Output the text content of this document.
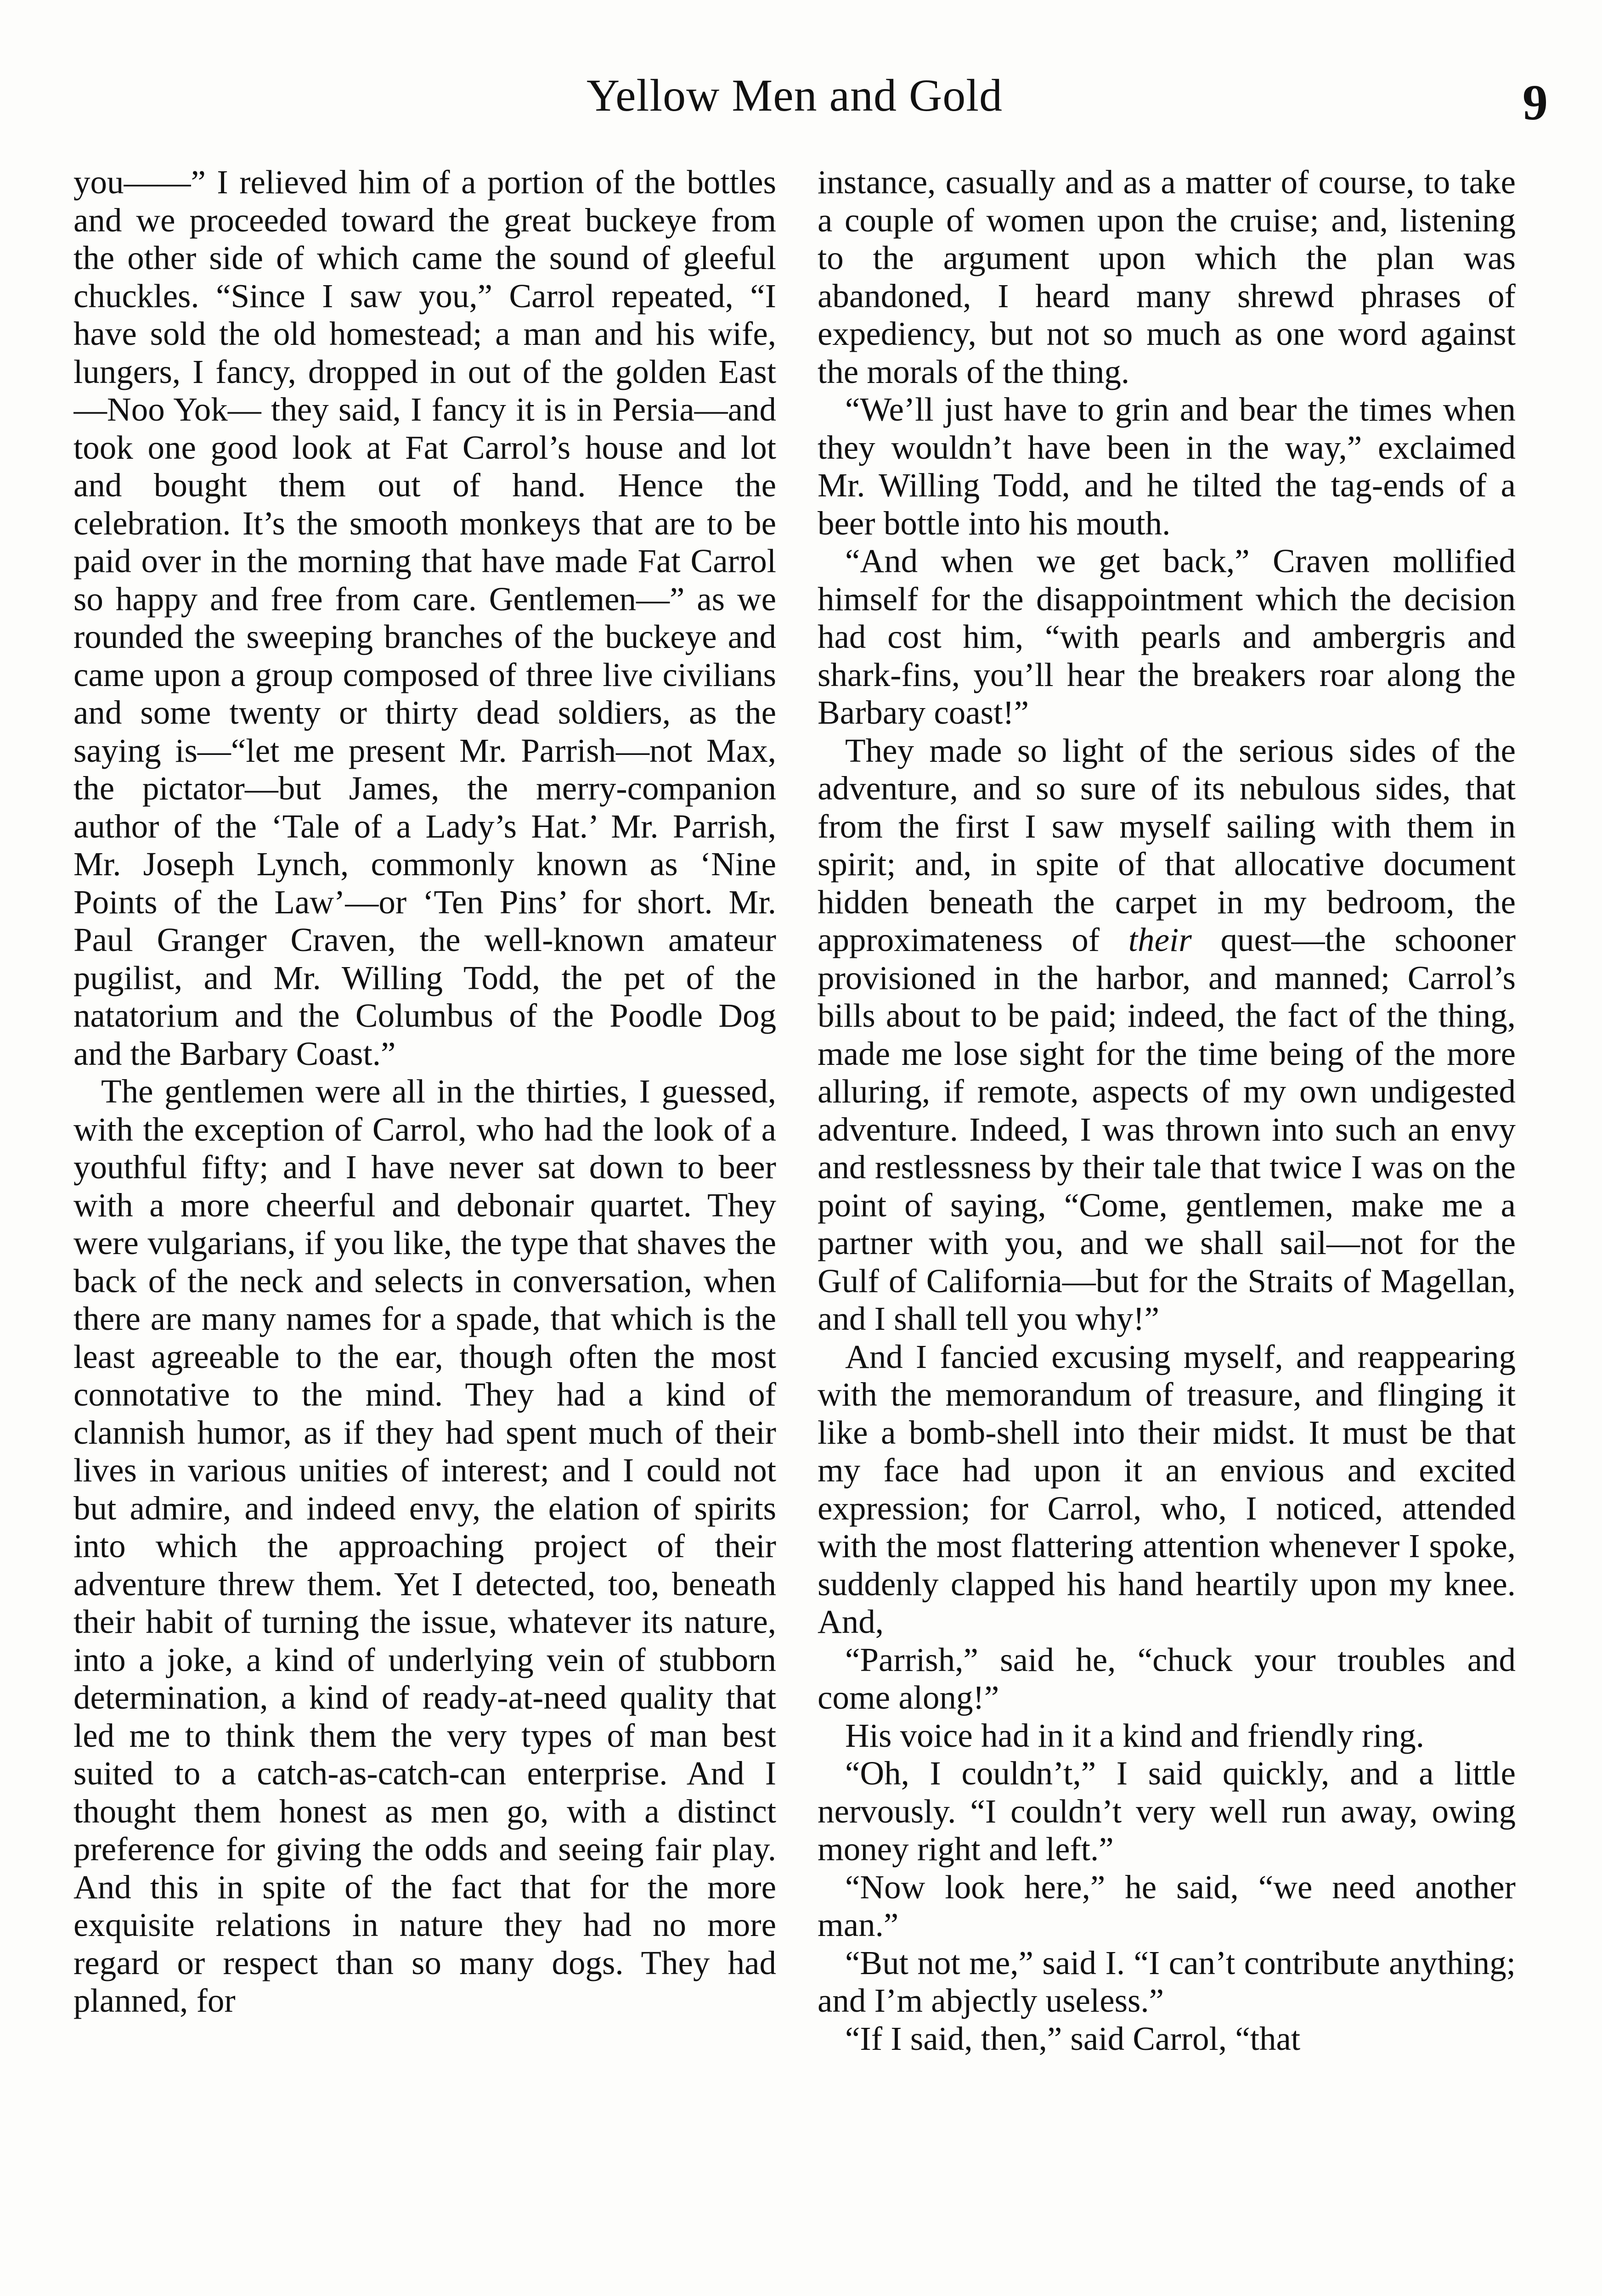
Yellow Men and Gold	9

you——” I relieved him of a portion of the bottles and we proceeded toward the great buckeye from the other side of which came the sound of gleeful chuckles. “Since I saw you,” Carrol repeated, “I have sold the old homestead; a man and his wife, lungers, I fancy, dropped in out of the golden East—Noo Yok— they said, I fancy it is in Persia—and took one good look at Fat Carrol’s house and lot and bought them out of hand. Hence the celebration. It’s the smooth monkeys that are to be paid over in the morning that have made Fat Carrol so happy and free from care. Gentlemen—” as we rounded the sweeping branches of the buckeye and came upon a group composed of three live civilians and some twenty or thirty dead soldiers, as the saying is—“let me present Mr. Parrish—not Max, the pictator—but James, the merry-companion author of the ‘Tale of a Lady’s Hat.’ Mr. Parrish, Mr. Joseph Lynch, commonly known as ‘Nine Points of the Law’—or ‘Ten Pins’ for short. Mr. Paul Granger Craven, the well-known amateur pugilist, and Mr. Willing Todd, the pet of the natatorium and the Columbus of the Poodle Dog and the Barbary Coast.”

The gentlemen were all in the thirties, I guessed, with the exception of Carrol, who had the look of a youthful fifty; and I have never sat down to beer with a more cheerful and debonair quartet. They were vulgarians, if you like, the type that shaves the back of the neck and selects in conversation, when there are many names for a spade, that which is the least agreeable to the ear, though often the most connotative to the mind. They had a kind of clannish humor, as if they had spent much of their lives in various unities of interest; and I could not but admire, and indeed envy, the elation of spirits into which the approaching project of their adventure threw them. Yet I detected, too, beneath their habit of turning the issue, whatever its nature, into a joke, a kind of underlying vein of stubborn determination, a kind of ready-at-need quality that led me to think them the very types of man best suited to a catch-as-catch-can enterprise. And I thought them honest as men go, with a distinct preference for giving the odds and seeing fair play. And this in spite of the fact that for the more exquisite relations in nature they had no more regard or respect than so many dogs. They had planned, for

instance, casually and as a matter of course, to take a couple of women upon the cruise; and, listening to the argument upon which the plan was abandoned, I heard many shrewd phrases of expediency, but not so much as one word against the morals of the thing.

“We’ll just have to grin and bear the times when they wouldn’t have been in the way,” exclaimed Mr. Willing Todd, and he tilted the tag-ends of a beer bottle into his mouth.

“And when we get back,” Craven mollified himself for the disappointment which the decision had cost him, “with pearls and ambergris and shark-fins, you’ll hear the breakers roar along the Barbary coast!”

They made so light of the serious sides of the adventure, and so sure of its nebulous sides, that from the first I saw myself sailing with them in spirit; and, in spite of that allocative document hidden beneath the carpet in my bedroom, the approximateness of their quest—the schooner provisioned in the harbor, and manned; Carrol’s bills about to be paid; indeed, the fact of the thing, made me lose sight for the time being of the more alluring, if remote, aspects of my own undigested adventure. Indeed, I was thrown into such an envy and restlessness by their tale that twice I was on the point of saying, “Come, gentlemen, make me a partner with you, and we shall sail—not for the Gulf of California—but for the Straits of Magellan, and I shall tell you why!”

And I fancied excusing myself, and reappearing with the memorandum of treasure, and flinging it like a bomb-shell into their midst. It must be that my face had upon it an envious and excited expression; for Carrol, who, I noticed, attended with the most flattering attention whenever I spoke, suddenly clapped his hand heartily upon my knee. And,

“Parrish,” said he, “chuck your troubles and come along!”

His voice had in it a kind and friendly ring.

“Oh, I couldn’t,” I said quickly, and a little nervously. “I couldn’t very well run away, owing money right and left.”

“Now look here,” he said, “we need another man.”

“But not me,” said I. “I can’t contribute anything; and I’m abjectly useless.”

“If I said, then,” said Carrol, “that
